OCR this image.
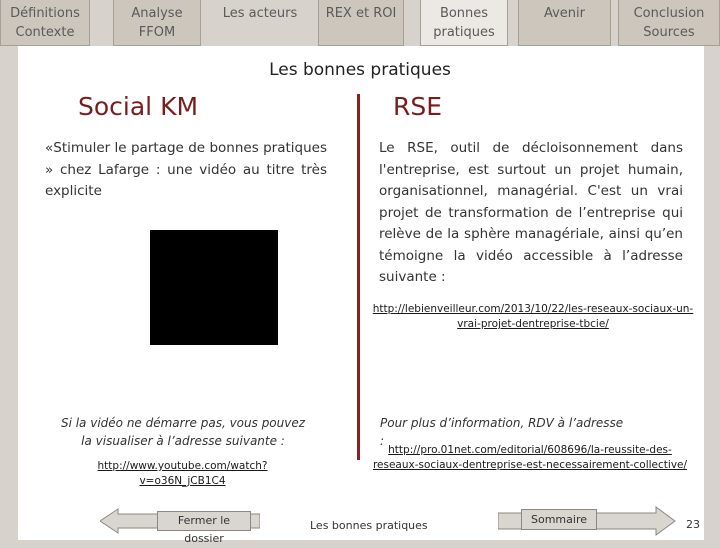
Définitions
Contexte
Analyse
FFOM
Les acteurs	REX et ROI	Bonnes
pratiques
Avenir	Conclusion
Sources
Les bonnes pratiques
Social KM	RSE
«Stimuler le partage de bonnes pratiques » chez Lafarge : une vidéo au titre très explicite
Si la vidéo ne démarre pas, vous pouvez la visualiser à l’adresse suivante :
http://www.youtube.com/watch?v=o36N_jCB1C4
Le RSE, outil de décloisonnement dans l'entreprise, est surtout un projet humain, organisationnel, managérial. C'est un vrai projet de transformation de l’entreprise qui relève de la sphère managériale, ainsi qu’en témoigne la vidéo accessible à l’adresse suivante :
http://lebienveilleur.com/2013/10/22/les-reseaux-sociaux-un-vrai-projet-dentreprise-tbcie/
Pour plus d’information, RDV à l’adresse :
http://pro.01net.com/editorial/608696/la-reussite-des-reseaux-sociaux-dentreprise-est-necessairement-collective/
Fermer le dossier
Les bonnes pratiques	Sommaire	23
